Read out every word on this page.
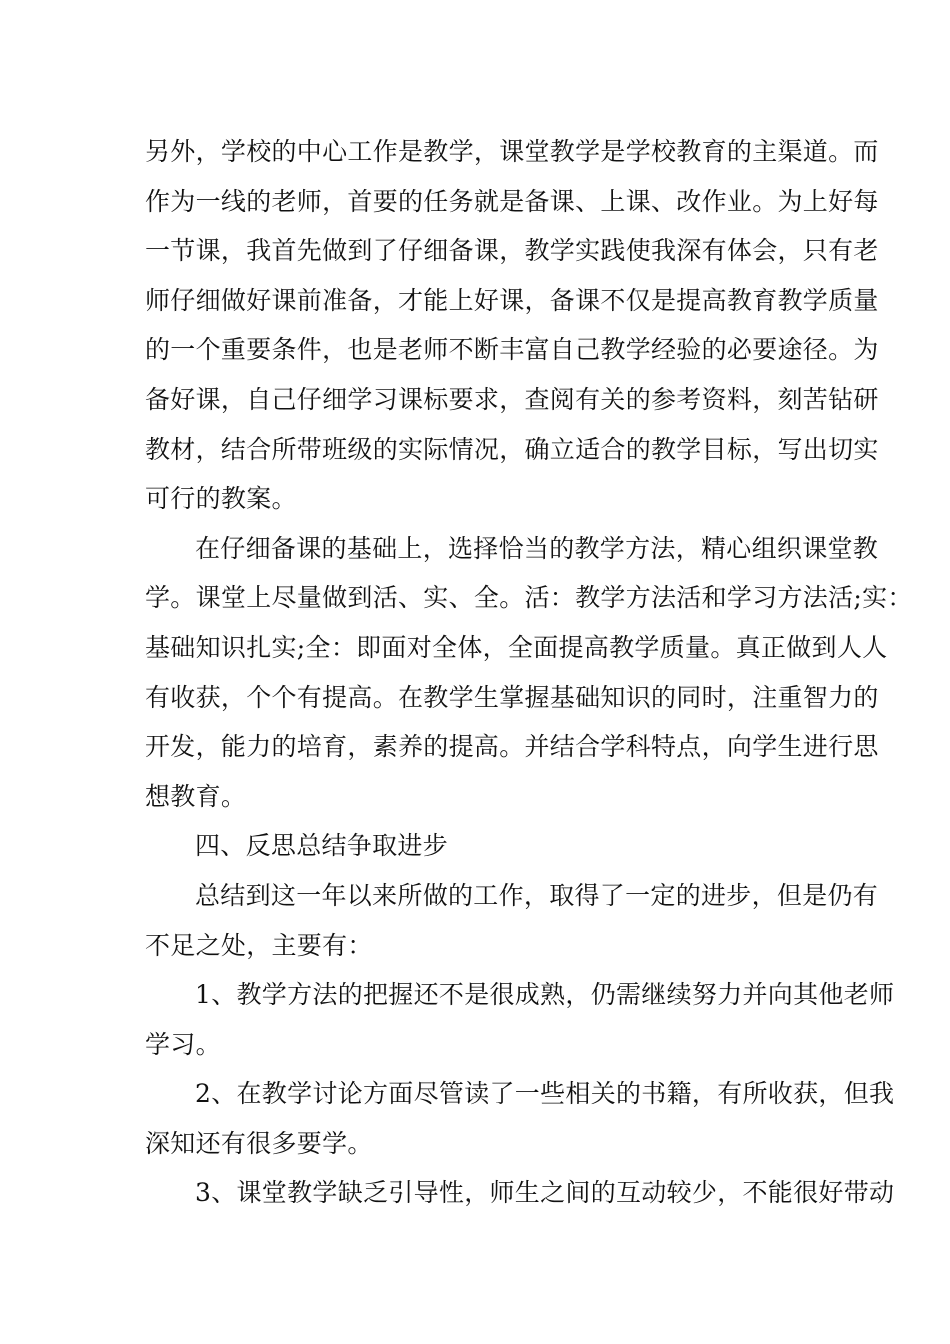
另外，学校的中心工作是教学，课堂教学是学校教育的主渠道。而
作为一线的老师，首要的任务就是备课、上课、改作业。为上好每
一节课，我首先做到了仔细备课，教学实践使我深有体会，只有老
师仔细做好课前准备，才能上好课，备课不仅是提高教育教学质量
的一个重要条件，也是老师不断丰富自己教学经验的必要途径。为
备好课，自己仔细学习课标要求，查阅有关的参考资料，刻苦钻研
教材，结合所带班级的实际情况，确立适合的教学目标，写出切实
可行的教案。
在仔细备课的基础上，选择恰当的教学方法，精心组织课堂教
学。课堂上尽量做到活、实、全。活：教学方法活和学习方法活;实：
基础知识扎实;全：即面对全体，全面提高教学质量。真正做到人人
有收获，个个有提高。在教学生掌握基础知识的同时，注重智力的
开发，能力的培育，素养的提高。并结合学科特点，向学生进行思
想教育。
四、反思总结争取进步
总结到这一年以来所做的工作，取得了一定的进步，但是仍有
不足之处，主要有：
1、教学方法的把握还不是很成熟，仍需继续努力并向其他老师
学习。
2、在教学讨论方面尽管读了一些相关的书籍，有所收获，但我
深知还有很多要学。
3、课堂教学缺乏引导性，师生之间的互动较少，不能很好带动
